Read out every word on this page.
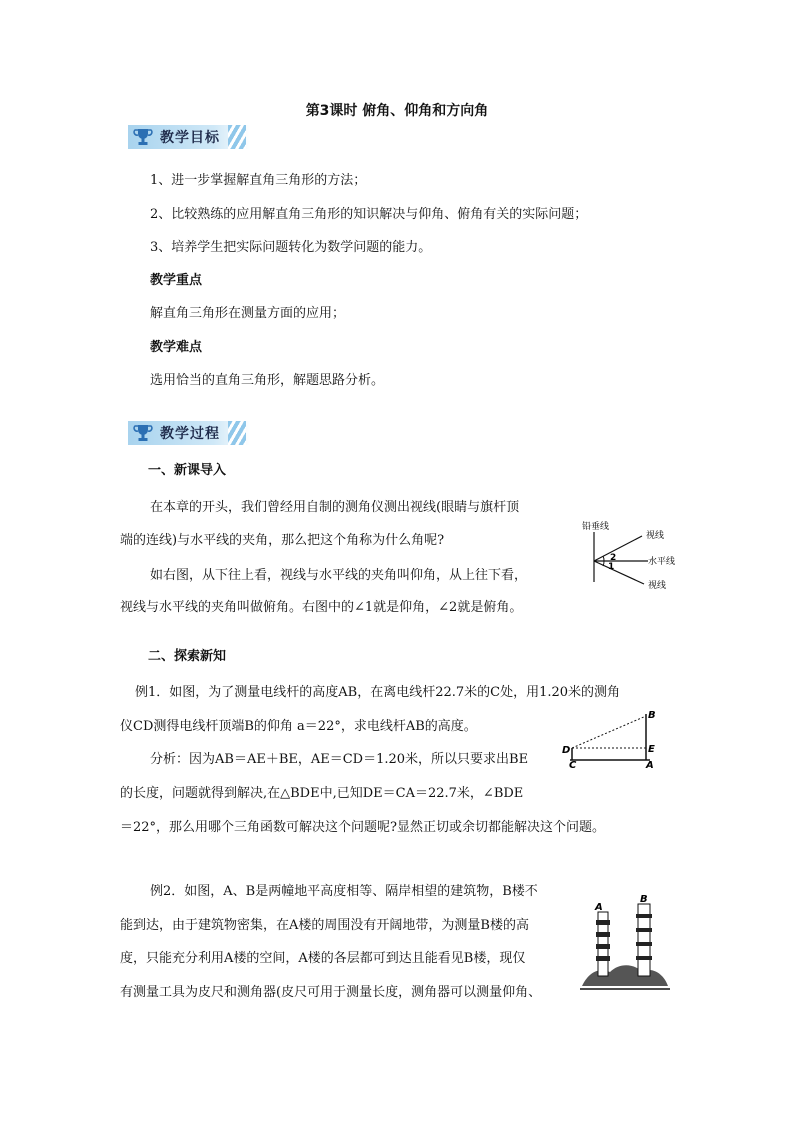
第3课时 俯角、仰角和方向角
教学目标
1、进一步掌握解直角三角形的方法；
2、比较熟练的应用解直角三角形的知识解决与仰角、俯角有关的实际问题；
3、培养学生把实际问题转化为数学问题的能力。
教学重点
解直角三角形在测量方面的应用；
教学难点
选用恰当的直角三角形，解题思路分析。
教学过程
一、新课导入
在本章的开头，我们曾经用自制的测角仪测出视线(眼睛与旗杆顶
端的连线)与水平线的夹角，那么把这个角称为什么角呢?
如右图，从下往上看，视线与水平线的夹角叫仰角，从上往下看，
视线与水平线的夹角叫做俯角。右图中的∠1就是仰角，∠2就是俯角。
铅垂线
视线
水平线
视线
2
1
二、探索新知
例1．如图，为了测量电线杆的高度AB，在离电线杆22.7米的C处，用1.20米的测角
仪CD测得电线杆顶端B的仰角 a＝22°，求电线杆AB的高度。
分析：因为AB＝AE＋BE，AE＝CD＝1.20米，所以只要求出BE
的长度，问题就得到解决,在△BDE中,已知DE＝CA＝22.7米，∠BDE
＝22°，那么用哪个三角函数可解决这个问题呢?显然正切或余切都能解决这个问题。
B
D	E
C	A
例2．如图，A、B是两幢地平高度相等、隔岸相望的建筑物，B楼不
能到达，由于建筑物密集，在A楼的周围没有开阔地带，为测量B楼的高
度，只能充分利用A楼的空间，A楼的各层都可到达且能看见B楼，现仅
有测量工具为皮尺和测角器(皮尺可用于测量长度，测角器可以测量仰角、
A
B
